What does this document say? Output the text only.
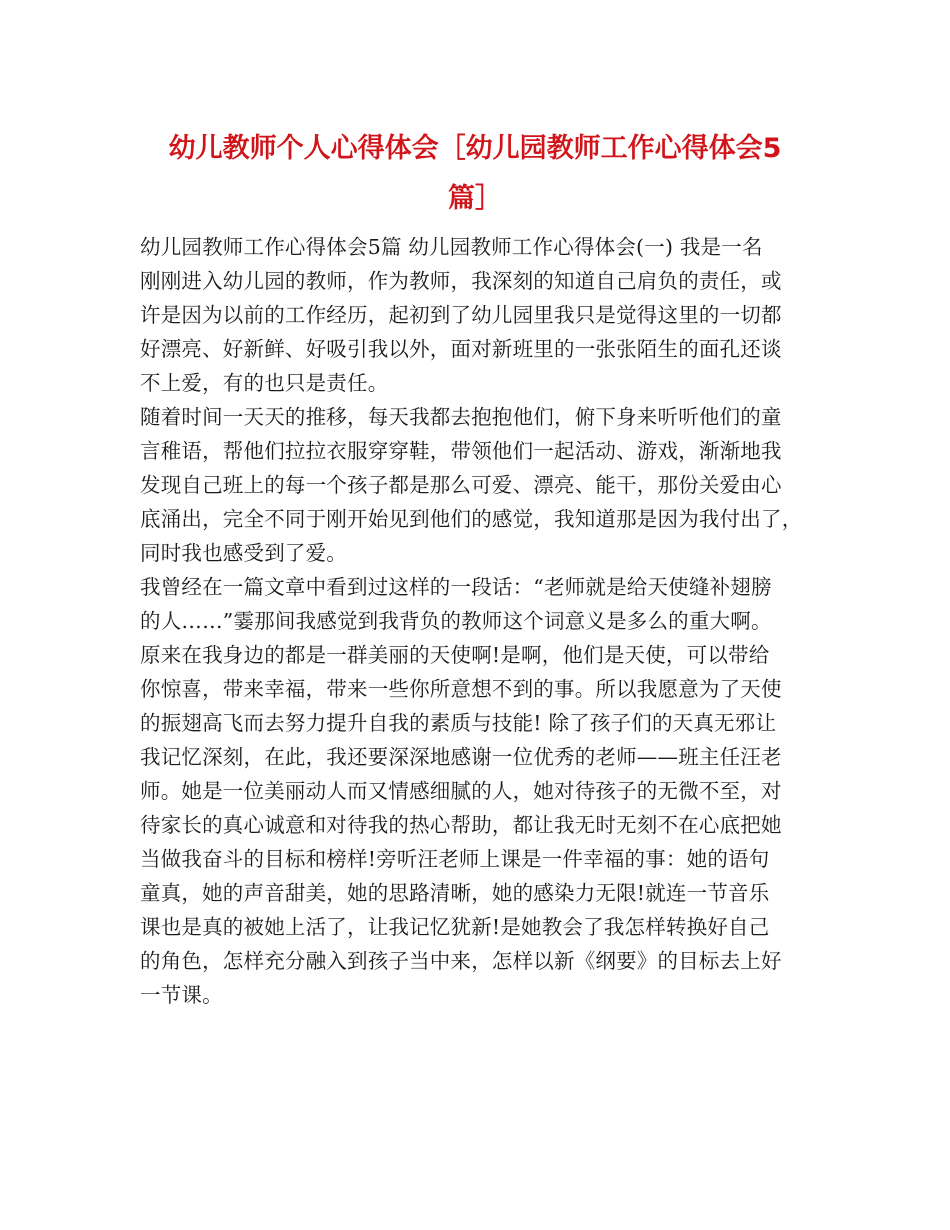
幼儿教师个人心得体会［幼儿园教师工作心得体会5
篇］
幼儿园教师工作心得体会5篇 幼儿园教师工作心得体会(一) 我是一名
刚刚进入幼儿园的教师，作为教师，我深刻的知道自己肩负的责任，或
许是因为以前的工作经历，起初到了幼儿园里我只是觉得这里的一切都
好漂亮、好新鲜、好吸引我以外，面对新班里的一张张陌生的面孔还谈
不上爱，有的也只是责任。
随着时间一天天的推移，每天我都去抱抱他们，俯下身来听听他们的童
言稚语，帮他们拉拉衣服穿穿鞋，带领他们一起活动、游戏，渐渐地我
发现自己班上的每一个孩子都是那么可爱、漂亮、能干，那份关爱由心
底涌出，完全不同于刚开始见到他们的感觉，我知道那是因为我付出了，
同时我也感受到了爱。
我曾经在一篇文章中看到过这样的一段话：“老师就是给天使缝补翅膀
的人……”霎那间我感觉到我背负的教师这个词意义是多么的重大啊。
原来在我身边的都是一群美丽的天使啊!是啊，他们是天使，可以带给
你惊喜，带来幸福，带来一些你所意想不到的事。所以我愿意为了天使
的振翅高飞而去努力提升自我的素质与技能! 除了孩子们的天真无邪让
我记忆深刻，在此，我还要深深地感谢一位优秀的老师——班主任汪老
师。她是一位美丽动人而又情感细腻的人，她对待孩子的无微不至，对
待家长的真心诚意和对待我的热心帮助，都让我无时无刻不在心底把她
当做我奋斗的目标和榜样!旁听汪老师上课是一件幸福的事：她的语句
童真，她的声音甜美，她的思路清晰，她的感染力无限!就连一节音乐
课也是真的被她上活了，让我记忆犹新!是她教会了我怎样转换好自己
的角色，怎样充分融入到孩子当中来，怎样以新《纲要》的目标去上好
一节课。
